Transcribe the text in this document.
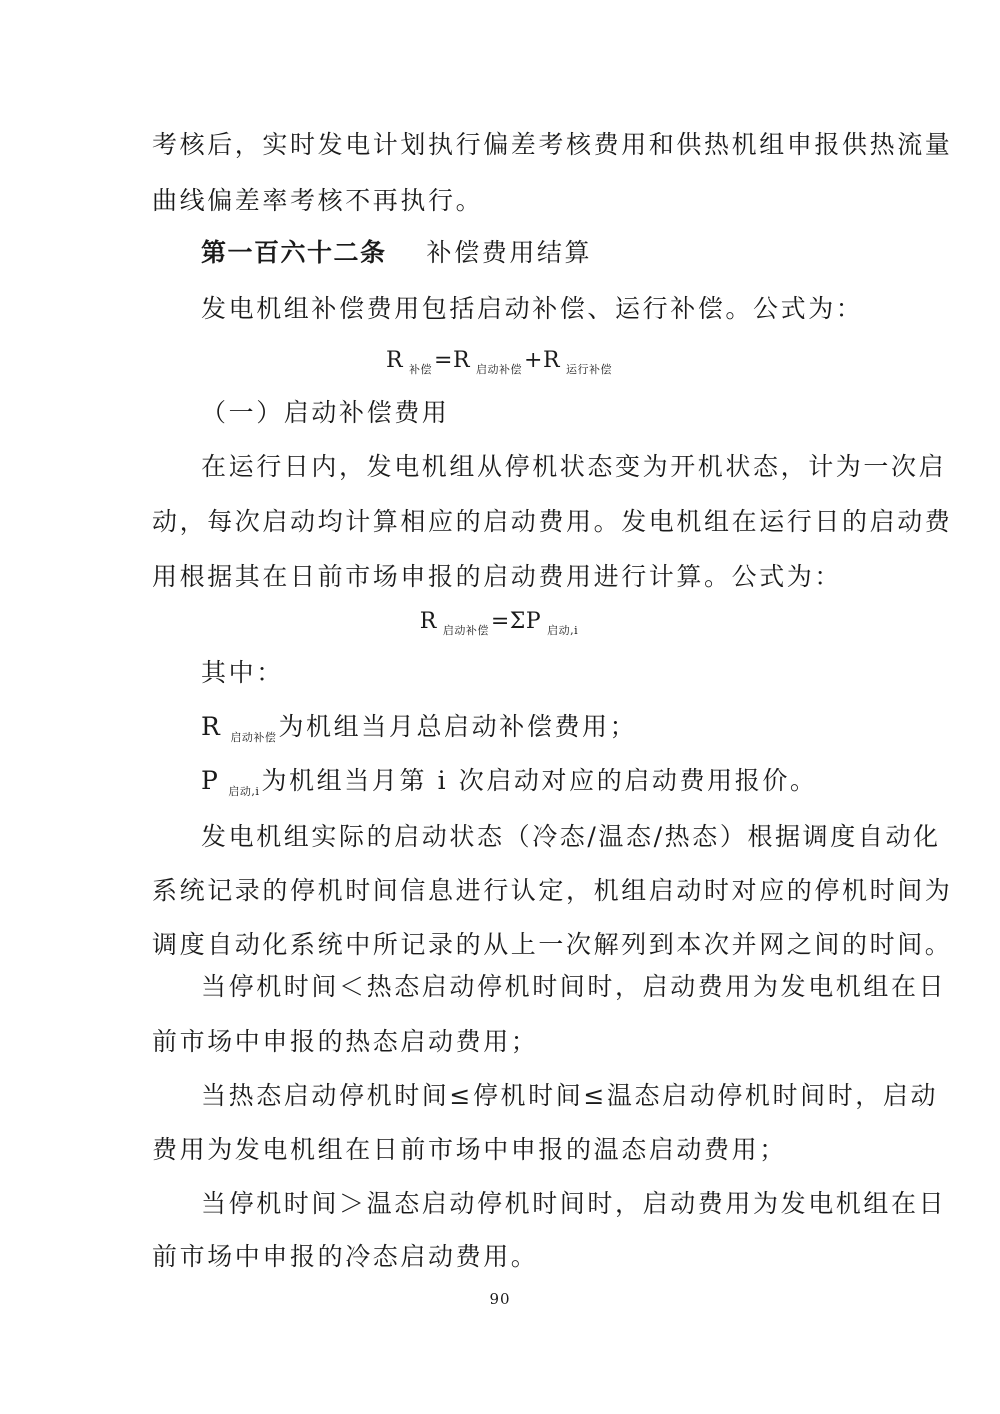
考核后，实时发电计划执行偏差考核费用和供热机组申报供热流量
曲线偏差率考核不再执行。
第一百六十二条 补偿费用结算
发电机组补偿费用包括启动补偿、运行补偿。公式为：
R $_{补偿}$=R $_{启动补偿}$+R $_{运行补偿}$
（一）启动补偿费用
在运行日内，发电机组从停机状态变为开机状态，计为一次启
动，每次启动均计算相应的启动费用。发电机组在运行日的启动费
用根据其在日前市场申报的启动费用进行计算。公式为：
R $_{启动补偿}$=ΣP $_{启动,i}$
其中：
R $_{启动补偿}$为机组当月总启动补偿费用；
P $_{启动,i}$为机组当月第 i 次启动对应的启动费用报价。
发电机组实际的启动状态（冷态/温态/热态）根据调度自动化
系统记录的停机时间信息进行认定，机组启动时对应的停机时间为
调度自动化系统中所记录的从上一次解列到本次并网之间的时间。
当停机时间＜热态启动停机时间时，启动费用为发电机组在日
前市场中申报的热态启动费用；
当热态启动停机时间≤停机时间≤温态启动停机时间时，启动
费用为发电机组在日前市场中申报的温态启动费用；
当停机时间＞温态启动停机时间时，启动费用为发电机组在日
前市场中申报的冷态启动费用。
90
